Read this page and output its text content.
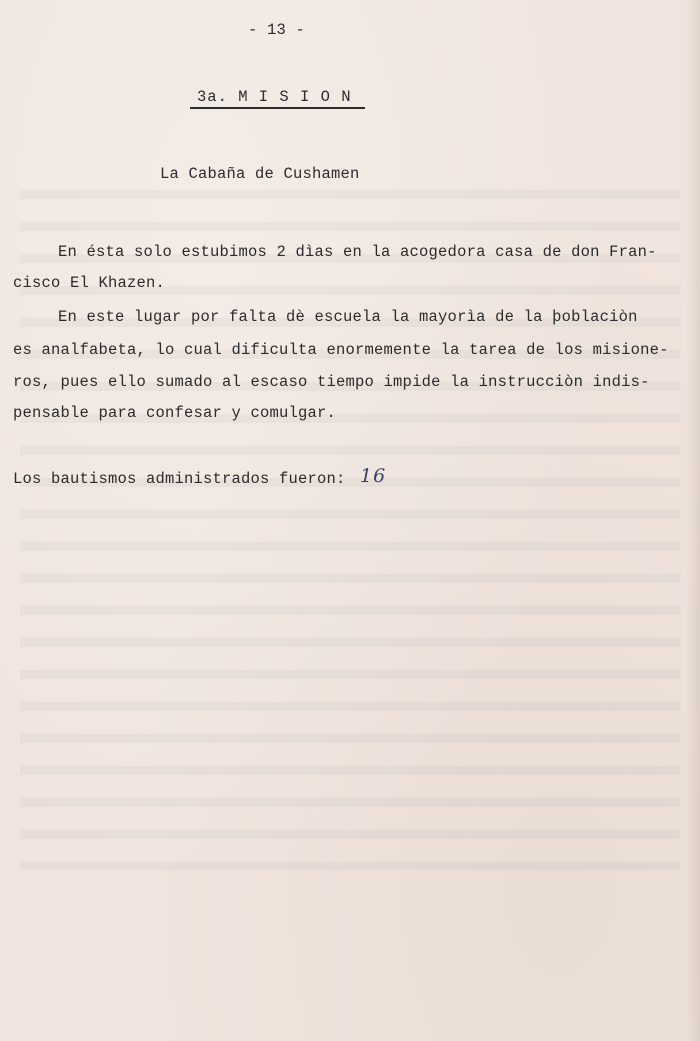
- 13 -
3a. M I S I O N
La Cabaña de Cushamen
En ésta solo estubimos 2 dìas en la acogedora casa de don Fran-
cisco El Khazen.
En este lugar por falta dè escuela la mayorìa de la þoblaciòn
es analfabeta, lo cual dificulta enormemente la tarea de los misione-
ros, pues ello sumado al escaso tiempo impide la instrucciòn indis-
pensable para confesar y comulgar.
Los bautismos administrados fueron: 16
